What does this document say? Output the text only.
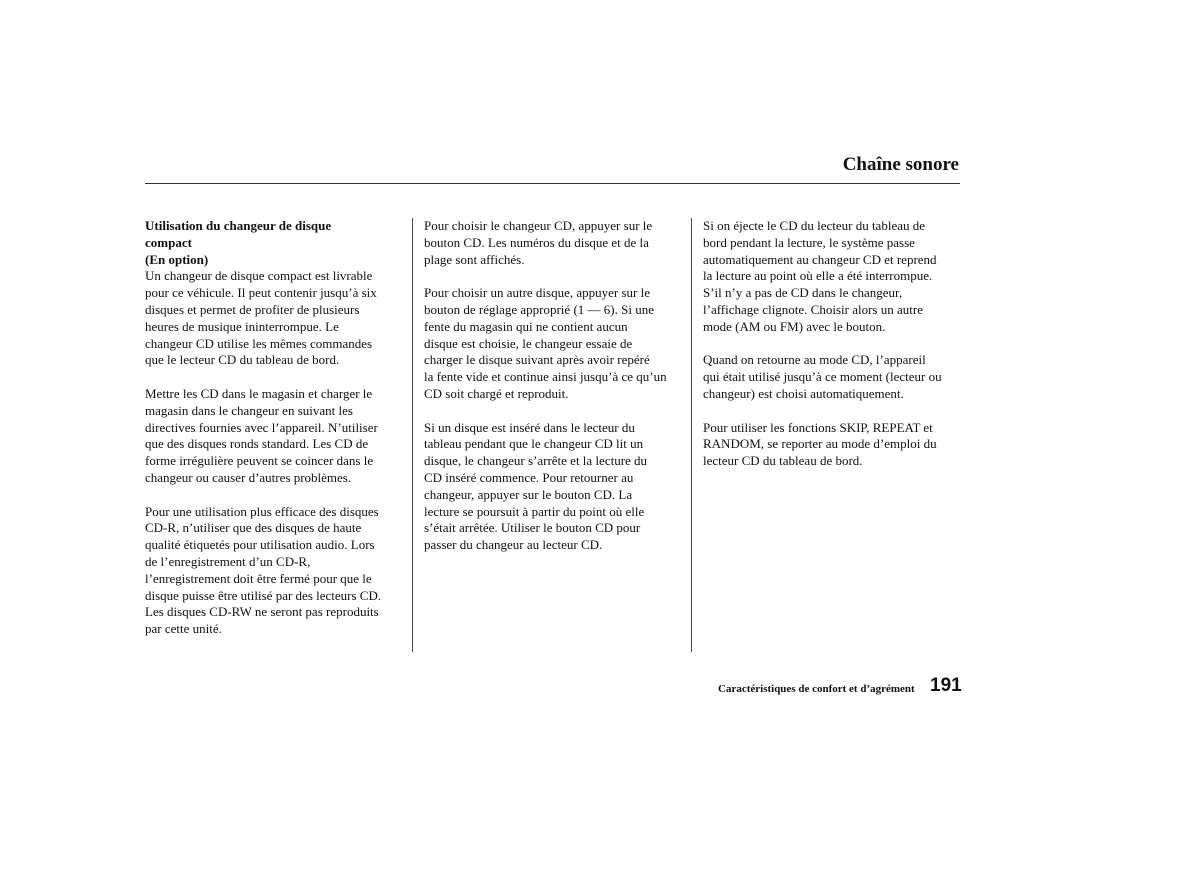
Chaîne sonore
Utilisation du changeur de disque
compact
(En option)
Un changeur de disque compact est livrable
pour ce véhicule. Il peut contenir jusqu’à six
disques et permet de profiter de plusieurs
heures de musique ininterrompue. Le
changeur CD utilise les mêmes commandes
que le lecteur CD du tableau de bord.
Mettre les CD dans le magasin et charger le
magasin dans le changeur en suivant les
directives fournies avec l’appareil. N’utiliser
que des disques ronds standard. Les CD de
forme irrégulière peuvent se coincer dans le
changeur ou causer d’autres problèmes.
Pour une utilisation plus efficace des disques
CD-R, n’utiliser que des disques de haute
qualité étiquetés pour utilisation audio. Lors
de l’enregistrement d’un CD-R,
l’enregistrement doit être fermé pour que le
disque puisse être utilisé par des lecteurs CD.
Les disques CD-RW ne seront pas reproduits
par cette unité.
Pour choisir le changeur CD, appuyer sur le
bouton CD. Les numéros du disque et de la
plage sont affichés.
Pour choisir un autre disque, appuyer sur le
bouton de réglage approprié (1 — 6). Si une
fente du magasin qui ne contient aucun
disque est choisie, le changeur essaie de
charger le disque suivant après avoir repéré
la fente vide et continue ainsi jusqu’à ce qu’un
CD soit chargé et reproduit.
Si un disque est inséré dans le lecteur du
tableau pendant que le changeur CD lit un
disque, le changeur s’arrête et la lecture du
CD inséré commence. Pour retourner au
changeur, appuyer sur le bouton CD. La
lecture se poursuit à partir du point où elle
s’était arrêtée. Utiliser le bouton CD pour
passer du changeur au lecteur CD.
Si on éjecte le CD du lecteur du tableau de
bord pendant la lecture, le système passe
automatiquement au changeur CD et reprend
la lecture au point où elle a été interrompue.
S’il n’y a pas de CD dans le changeur,
l’affichage clignote. Choisir alors un autre
mode (AM ou FM) avec le bouton.
Quand on retourne au mode CD, l’appareil
qui était utilisé jusqu’à ce moment (lecteur ou
changeur) est choisi automatiquement.
Pour utiliser les fonctions SKIP, REPEAT et
RANDOM, se reporter au mode d’emploi du
lecteur CD du tableau de bord.
Caractéristiques de confort et d’agrément 191
